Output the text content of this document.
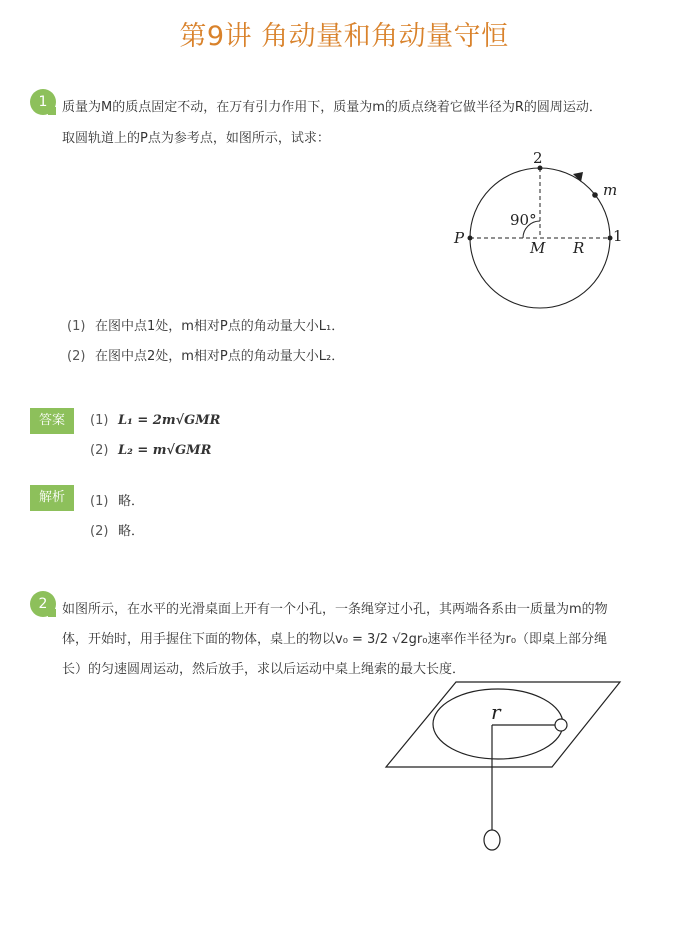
第9讲 角动量和角动量守恒
1	质量为M的质点固定不动，在万有引力作用下，质量为m的质点绕着它做半径为R的圆周运动．
取圆轨道上的P点为参考点，如图所示，试求：
2
m
90°
P
M R
1
(1) 在图中点1处，m相对P点的角动量大小L₁．
(2) 在图中点2处，m相对P点的角动量大小L₂．
答案	(1) L₁ = 2m√GMR
(2) L₂ = m√GMR
解析	(1) 略．
(2) 略．
2	如图所示，在水平的光滑桌面上开有一个小孔，一条绳穿过小孔，其两端各系由一质量为m的物
体，开始时，用手握住下面的物体，桌上的物以v₀ = 3/2 √2gr₀速率作半径为r₀（即桌上部分绳
长）的匀速圆周运动，然后放手，求以后运动中桌上绳索的最大长度．
r
